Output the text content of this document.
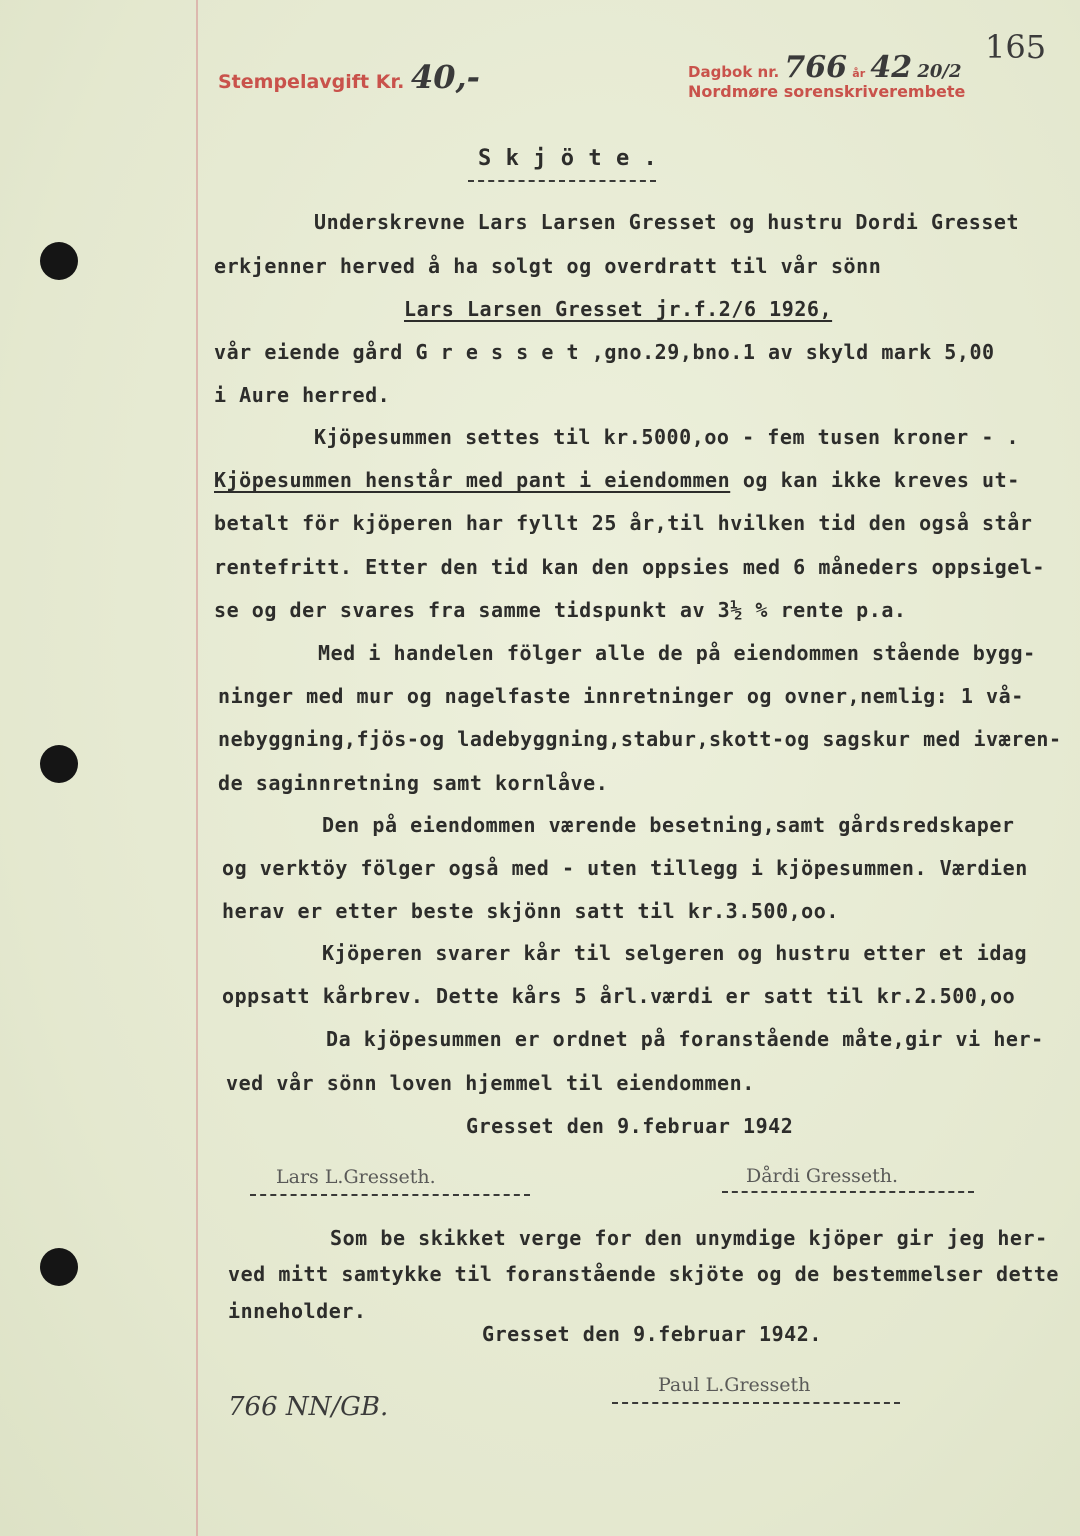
Stempelavgift Kr. 40,-	Dagbok nr. 766 år 42 20/2
Nordmøre sorenskriverembete
165
S k j ö t e .
Underskrevne Lars Larsen Gresset og hustru Dordi Gresset
erkjenner herved å ha solgt og overdratt til vår sönn
Lars Larsen Gresset jr.f.2/6 1926,
vår eiende gård G r e s s e t ,gno.29,bno.1 av skyld mark 5,00
i Aure herred.
Kjöpesummen settes til kr.5000,oo - fem tusen kroner - .
Kjöpesummen henstår med pant i eiendommen og kan ikke kreves ut-
betalt för kjöperen har fyllt 25 år,til hvilken tid den også står
rentefritt. Etter den tid kan den oppsies med 6 måneders oppsigel-
se og der svares fra samme tidspunkt av 3½ % rente p.a.
Med i handelen fölger alle de på eiendommen stående bygg-
ninger med mur og nagelfaste innretninger og ovner,nemlig: 1 vå-
nebyggning,fjös-og ladebyggning,stabur,skott-og sagskur med iværen-
de saginnretning samt kornlåve.
Den på eiendommen værende besetning,samt gårdsredskaper
og verktöy fölger også med - uten tillegg i kjöpesummen. Værdien
herav er etter beste skjönn satt til kr.3.500,oo.
Kjöperen svarer kår til selgeren og hustru etter et idag
oppsatt kårbrev. Dette kårs 5 årl.værdi er satt til kr.2.500,oo
Da kjöpesummen er ordnet på foranstående måte,gir vi her-
ved vår sönn loven hjemmel til eiendommen.
Gresset den 9.februar 1942
Lars L.Gresseth.	Dårdi Gresseth.
Som be skikket verge for den unymdige kjöper gir jeg her-
ved mitt samtykke til foranstående skjöte og de bestemmelser dette
inneholder.
Gresset den 9.februar 1942.
Paul L.Gresseth
766 NN/GB.
